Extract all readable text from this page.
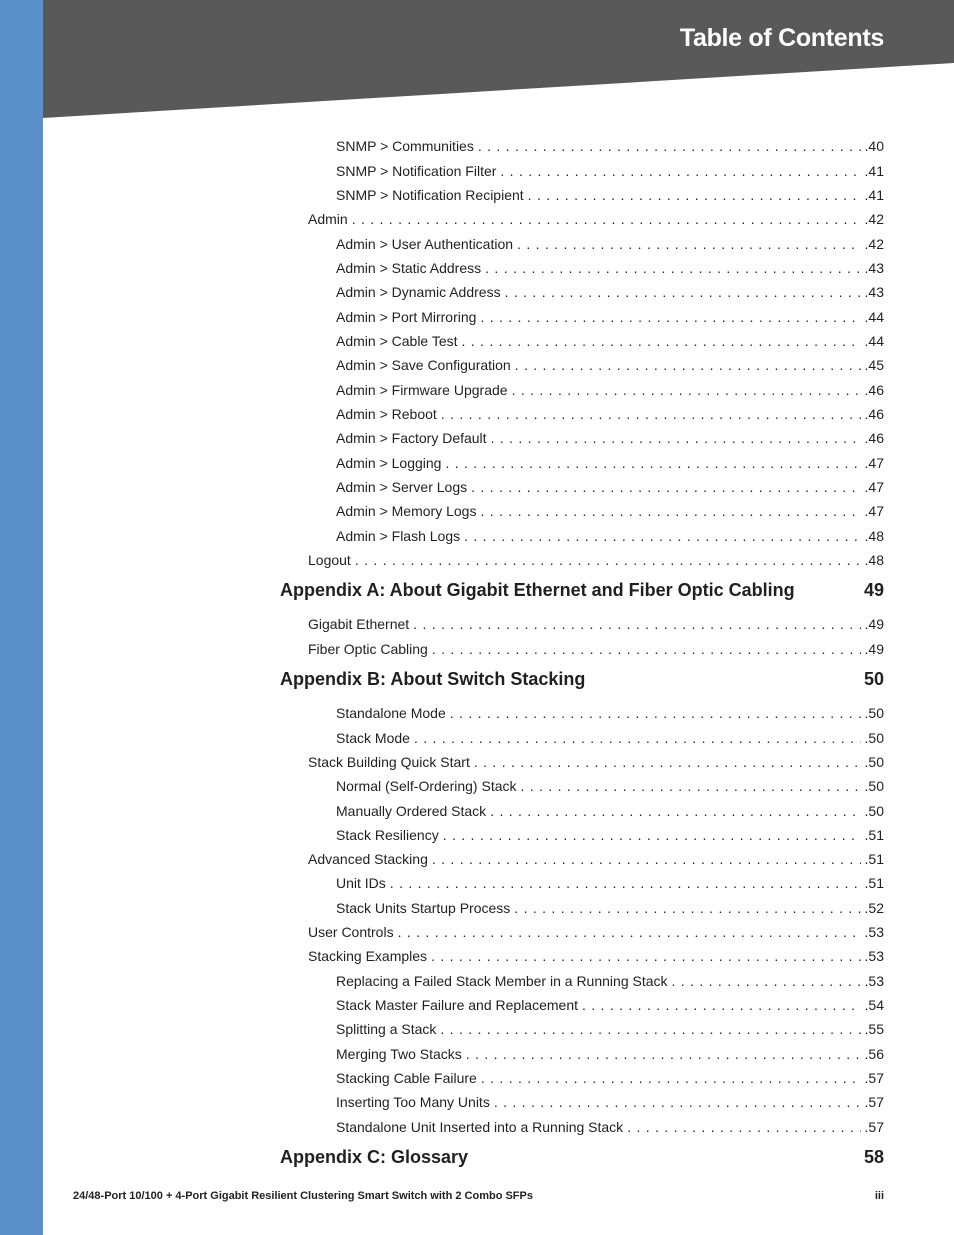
Table of Contents
SNMP > Communities . . .	.40
SNMP > Notification Filter . . .	.41
SNMP > Notification Recipient . . .	.41
Admin . . .	.42
Admin > User Authentication . . .	.42
Admin > Static Address . . .	.43
Admin > Dynamic Address . . .	.43
Admin > Port Mirroring . . .	.44
Admin > Cable Test . . .	.44
Admin > Save Configuration . . .	.45
Admin > Firmware Upgrade . . .	.46
Admin > Reboot . . .	.46
Admin > Factory Default . . .	.46
Admin > Logging . . .	.47
Admin > Server Logs . . .	.47
Admin > Memory Logs . . .	.47
Admin > Flash Logs . . .	.48
Logout . . .	.48
Appendix A: About Gigabit Ethernet and Fiber Optic Cabling	49
Gigabit Ethernet . . .	.49
Fiber Optic Cabling . . .	.49
Appendix B: About Switch Stacking	50
Standalone Mode . . .	.50
Stack Mode . . .	.50
Stack Building Quick Start . . .	.50
Normal (Self-Ordering) Stack . . .	.50
Manually Ordered Stack . . .	.50
Stack Resiliency . . .	.51
Advanced Stacking . . .	.51
Unit IDs . . .	.51
Stack Units Startup Process . . .	.52
User Controls . . .	.53
Stacking Examples . . .	.53
Replacing a Failed Stack Member in a Running Stack . . .	.53
Stack Master Failure and Replacement . . .	.54
Splitting a Stack . . .	.55
Merging Two Stacks . . .	.56
Stacking Cable Failure . . .	.57
Inserting Too Many Units . . .	.57
Standalone Unit Inserted into a Running Stack . . .	.57
Appendix C: Glossary	58
24/48-Port 10/100 + 4-Port Gigabit Resilient Clustering Smart Switch with 2 Combo SFPs	iii
